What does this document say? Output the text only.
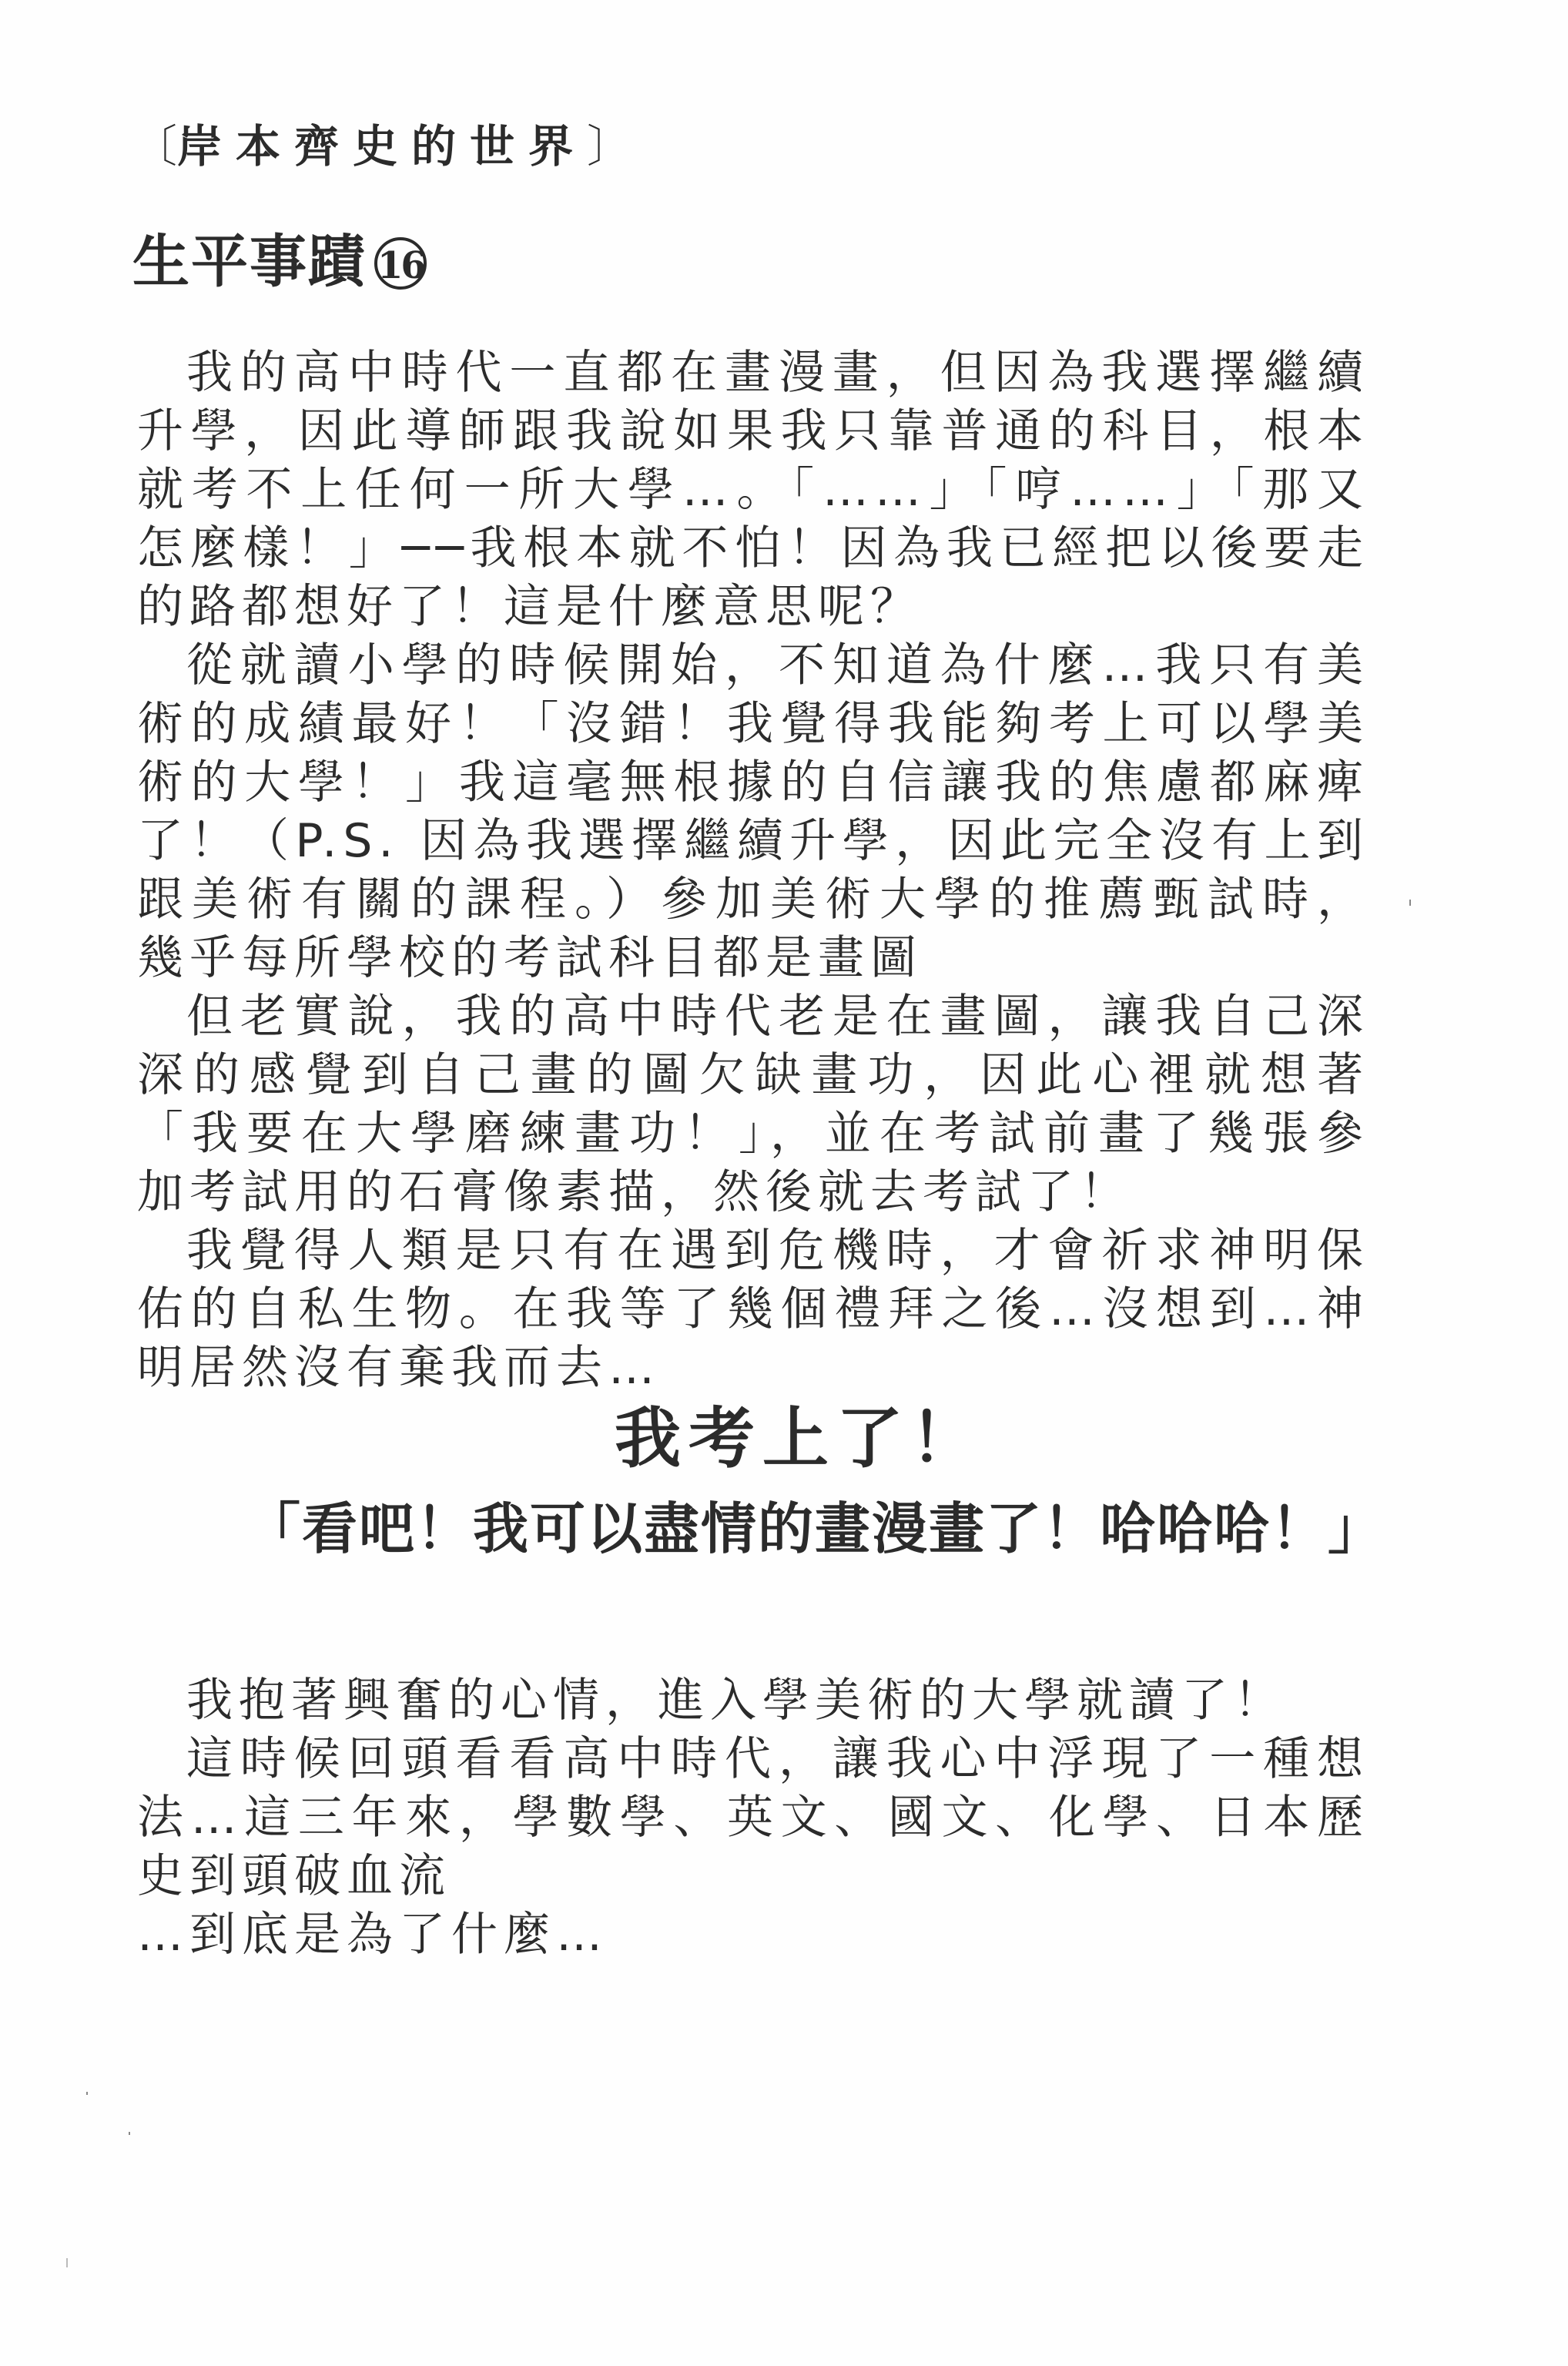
〔岸本齊史的世界〕
生平事蹟 16

我的高中時代一直都在畫漫畫，但因為我選擇繼續升學，因此導師跟我說如果我只靠普通的科目，根本就考不上任何一所大學…。「……」「哼……」「那又怎麼樣！」──我根本就不怕！因為我已經把以後要走的路都想好了！這是什麼意思呢？

從就讀小學的時候開始，不知道為什麼…我只有美術的成績最好！「沒錯！我覺得我能夠考上可以學美術的大學！」我這毫無根據的自信讓我的焦慮都麻痺了！（P.S. 因為我選擇繼續升學，因此完全沒有上到跟美術有關的課程。）參加美術大學的推薦甄試時，幾乎每所學校的考試科目都是畫圖

但老實說，我的高中時代老是在畫圖，讓我自己深深的感覺到自己畫的圖欠缺畫功，因此心裡就想著「我要在大學磨練畫功！」，並在考試前畫了幾張參加考試用的石膏像素描，然後就去考試了！

我覺得人類是只有在遇到危機時，才會祈求神明保佑的自私生物。在我等了幾個禮拜之後…沒想到…神明居然沒有棄我而去…

我考上了！
「看吧！我可以盡情的畫漫畫了！哈哈哈！」

我抱著興奮的心情，進入學美術的大學就讀了！

這時候回頭看看高中時代，讓我心中浮現了一種想法…這三年來，學數學、英文、國文、化學、日本歷史到頭破血流

…到底是為了什麼…
